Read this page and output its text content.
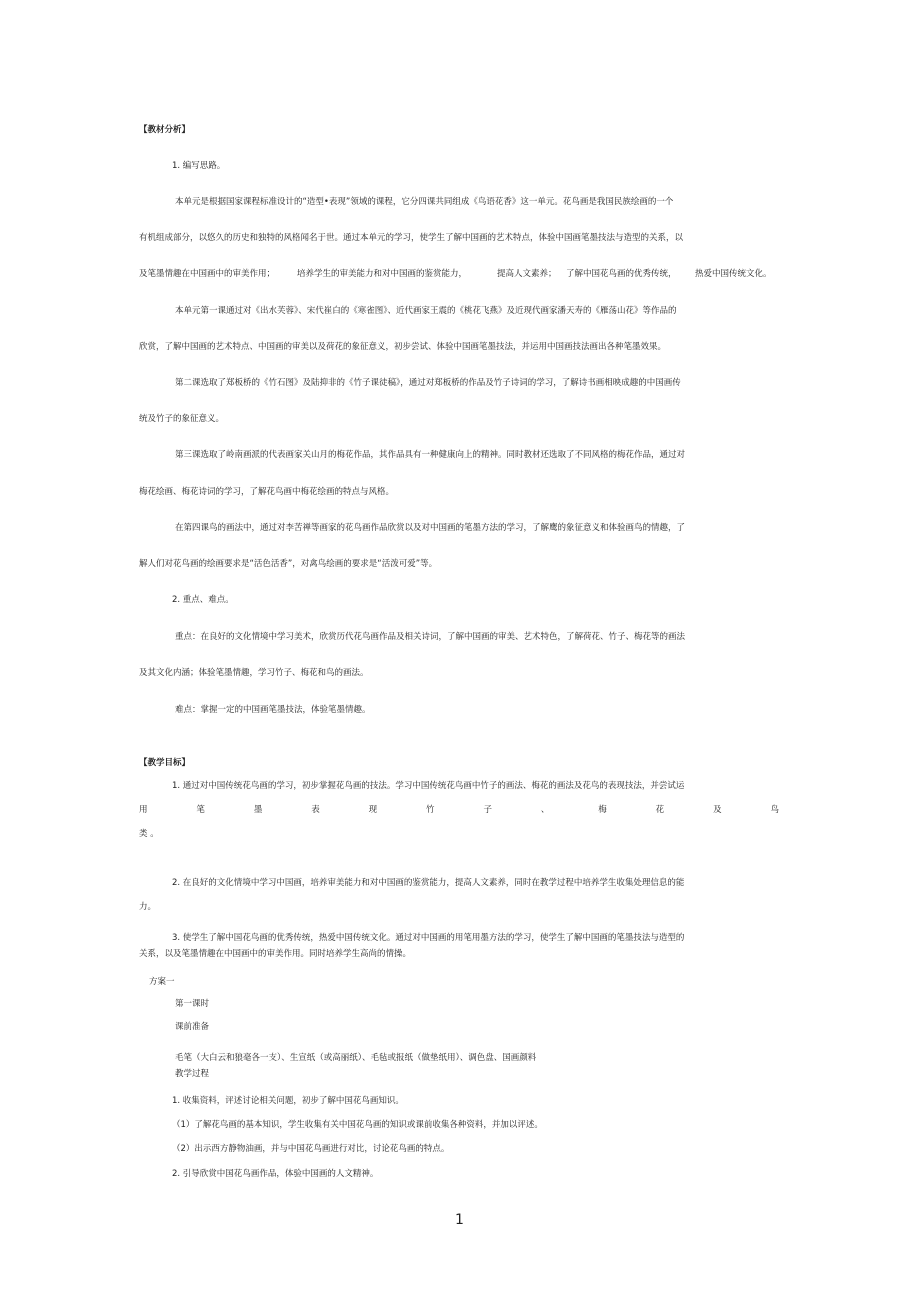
【教材分析】
1. 编写思路。
本单元是根据国家课程标准设计的“造型•表现”领域的课程，它分四课共同组成《鸟语花香》这一单元。花鸟画是我国民族绘画的一个
有机组成部分，以悠久的历史和独特的风格闻名于世。通过本单元的学习，使学生了解中国画的艺术特点，体验中国画笔墨技法与造型的关系，以
及笔墨情趣在中国画中的审美作用；	培养学生的审美能力和对中国画的鉴赏能力，	提高人文素养； 了解中国花鸟画的优秀传统， 热爱中国传统文化。
本单元第一课通过对《出水芙蓉》、宋代崔白的《寒雀图》、近代画家王震的《桃花飞燕》及近现代画家潘天寿的《雁荡山花》等作品的
欣赏，了解中国画的艺术特点、中国画的审美以及荷花的象征意义，初步尝试、体验中国画笔墨技法，并运用中国画技法画出各种笔墨效果。
第二课选取了郑板桥的《竹石图》及陆抑非的《竹子课徒稿》，通过对郑板桥的作品及竹子诗词的学习，了解诗书画相映成趣的中国画传
统及竹子的象征意义。
第三课选取了岭南画派的代表画家关山月的梅花作品，其作品具有一种健康向上的精神。同时教材还选取了不同风格的梅花作品，通过对
梅花绘画、梅花诗词的学习，了解花鸟画中梅花绘画的特点与风格。
在第四课鸟的画法中，通过对李苦禅等画家的花鸟画作品欣赏以及对中国画的笔墨方法的学习，了解鹰的象征意义和体验画鸟的情趣，了
解人们对花鸟画的绘画要求是“活色活香”，对禽鸟绘画的要求是“活泼可爱”等。
2. 重点、难点。
重点：在良好的文化情境中学习美术，欣赏历代花鸟画作品及相关诗词，了解中国画的审美、艺术特色，了解荷花、竹子、梅花等的画法
及其文化内涵；体验笔墨情趣，学习竹子、梅花和鸟的画法。
难点：掌握一定的中国画笔墨技法，体验笔墨情趣。
【教学目标】
1. 通过对中国传统花鸟画的学习，初步掌握花鸟画的技法。学习中国传统花鸟画中竹子的画法、梅花的画法及花鸟的表现技法，并尝试运
用	笔	墨	表	现	竹	子	、	梅	花	及	鸟
类 。
2. 在良好的文化情境中学习中国画，培养审美能力和对中国画的鉴赏能力，提高人文素养，同时在教学过程中培养学生收集处理信息的能
力。
3. 使学生了解中国花鸟画的优秀传统，热爱中国传统文化。通过对中国画的用笔用墨方法的学习，使学生了解中国画的笔墨技法与造型的
关系，以及笔墨情趣在中国画中的审美作用。同时培养学生高尚的情操。
方案一
第一课时
课前准备
毛笔（大白云和狼毫各一支）、生宣纸（或高丽纸）、毛毡或报纸（做垫纸用）、调色盘、国画颜料
教学过程
1. 收集资料，评述讨论相关问题，初步了解中国花鸟画知识。
（1）了解花鸟画的基本知识，学生收集有关中国花鸟画的知识或课前收集各种资料，并加以评述。
（2）出示西方静物油画，并与中国花鸟画进行对比，讨论花鸟画的特点。
2. 引导欣赏中国花鸟画作品，体验中国画的人文精神。
1
